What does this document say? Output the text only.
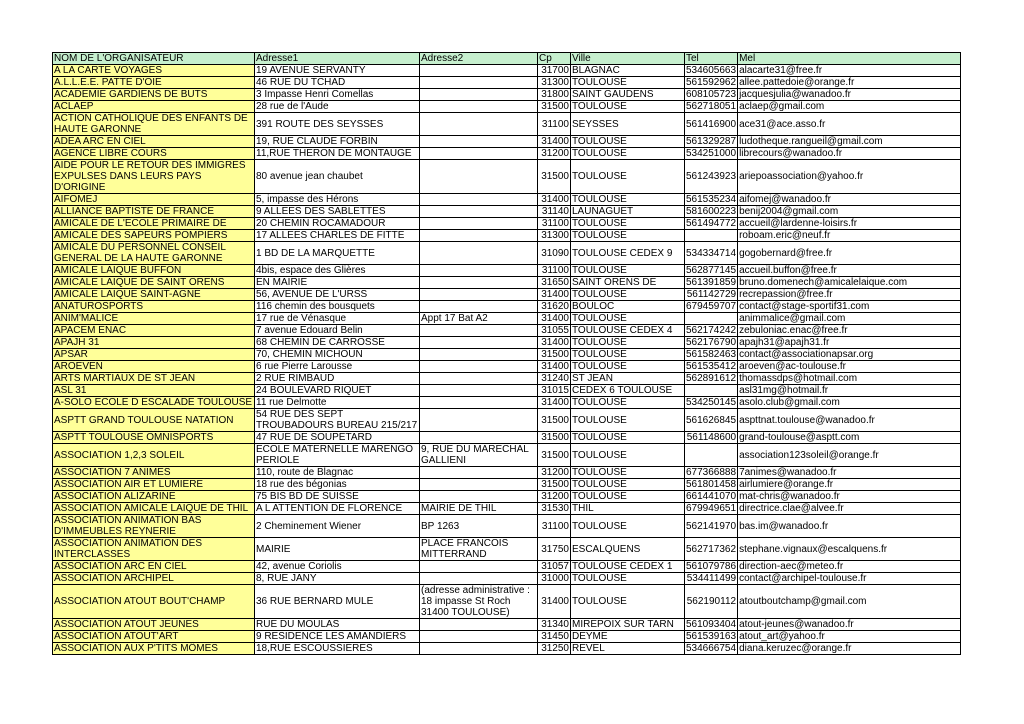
NOM DE L'ORGANISATEUR	Adresse1	Adresse2	Cp	Ville	Tel	Mel
A LA CARTE VOYAGES	19 AVENUE SERVANTY		31700	BLAGNAC	534605663	alacarte31@free.fr
A.L.L.E.E. PATTE D'OIE	46 RUE DU TCHAD		31300	TOULOUSE	561592962	allee.pattedoie@orange.fr
ACADEMIE GARDIENS DE BUTS	3 Impasse Henri Comellas		31800	SAINT GAUDENS	608105723	jacquesjulia@wanadoo.fr
ACLAEP	28 rue de l'Aude		31500	TOULOUSE	562718051	aclaep@gmail.com
ACTION CATHOLIQUE DES ENFANTS DE HAUTE GARONNE	391 ROUTE DES SEYSSES		31100	SEYSSES	561416900	ace31@ace.asso.fr
ADEA ARC EN CIEL	19, RUE CLAUDE FORBIN		31400	TOULOUSE	561329287	ludotheque.rangueil@gmail.com
AGENCE LIBRE COURS	11,RUE THERON DE MONTAUGE		31200	TOULOUSE	534251000	librecours@wanadoo.fr
AIDE POUR LE RETOUR DES IMMIGRES EXPULSES DANS LEURS PAYS D'ORIGINE	80 avenue jean chaubet		31500	TOULOUSE	561243923	ariepoassociation@yahoo.fr
AIFOMEJ	5, impasse des Hérons		31400	TOULOUSE	561535234	aifomej@wanadoo.fr
ALLIANCE BAPTISTE DE FRANCE	9 ALLEES DES SABLETTES		31140	LAUNAGUET	581600223	benij2004@gmail.com
AMICALE DE L'ECOLE PRIMAIRE DE	20 CHEMIN ROCAMADOUR		31100	TOULOUSE	561494772	accueil@lardenne-loisirs.fr
AMICALE DES SAPEURS POMPIERS	17 ALLEES CHARLES DE FITTE		31300	TOULOUSE		roboam.eric@neuf.fr
AMICALE DU PERSONNEL CONSEIL GENERAL DE LA HAUTE GARONNE	1 BD DE LA MARQUETTE		31090	TOULOUSE CEDEX 9	534334714	gogobernard@free.fr
AMICALE LAIQUE BUFFON	4bis, espace des Glières		31100	TOULOUSE	562877145	accueil.buffon@free.fr
AMICALE LAIQUE DE SAINT ORENS	EN MAIRIE		31650	SAINT ORENS DE	561391859	bruno.domenech@amicalelaique.com
AMICALE LAIQUE SAINT-AGNE	56, AVENUE DE L'URSS		31400	TOULOUSE	561142729	recrepassion@free.fr
ANATUROSPORTS	116 chemin des bousquets		31620	BOULOC	679459707	contact@stage-sportif31.com
ANIM'MALICE	17 rue de Vénasque	Appt 17 Bat A2	31400	TOULOUSE		animmalice@gmail.com
APACEM ENAC	7 avenue Edouard Belin		31055	TOULOUSE CEDEX 4	562174242	zebuloniac.enac@free.fr
APAJH 31	68 CHEMIN DE CARROSSE		31400	TOULOUSE	562176790	apajh31@apajh31.fr
APSAR	70, CHEMIN MICHOUN		31500	TOULOUSE	561582463	contact@associationapsar.org
AROEVEN	6 rue Pierre Larousse		31400	TOULOUSE	561535412	aroeven@ac-toulouse.fr
ARTS MARTIAUX DE ST JEAN	2 RUE RIMBAUD		31240	ST JEAN	562891612	thomassdps@hotmail.com
ASL 31	24 BOULEVARD RIQUET		31015	CEDEX 6 TOULOUSE		asl31mg@hotmail.fr
A-SOLO ECOLE D ESCALADE TOULOUSE	11 rue Delmotte		31400	TOULOUSE	534250145	asolo.club@gmail.com
ASPTT GRAND TOULOUSE NATATION	54 RUE DES SEPT TROUBADOURS BUREAU 215/217		31500	TOULOUSE	561626845	aspttnat.toulouse@wanadoo.fr
ASPTT TOULOUSE OMNISPORTS	47 RUE DE SOUPETARD		31500	TOULOUSE	561148600	grand-toulouse@asptt.com
ASSOCIATION 1,2,3 SOLEIL	ECOLE MATERNELLE MARENGO PERIOLE	9, RUE DU MARECHAL GALLIENI	31500	TOULOUSE		association123soleil@orange.fr
ASSOCIATION 7 ANIMES	110, route de Blagnac		31200	TOULOUSE	677366888	7animes@wanadoo.fr
ASSOCIATION AIR ET LUMIERE	18 rue des bégonias		31500	TOULOUSE	561801458	airlumiere@orange.fr
ASSOCIATION ALIZARINE	75 BIS BD DE SUISSE		31200	TOULOUSE	661441070	mat-chris@wanadoo.fr
ASSOCIATION AMICALE LAIQUE DE THIL	A L ATTENTION DE FLORENCE	MAIRIE DE THIL	31530	THIL	679949651	directrice.clae@alvee.fr
ASSOCIATION ANIMATION BAS D'IMMEUBLES REYNERIE	2 Cheminement Wiener	BP 1263	31100	TOULOUSE	562141970	bas.im@wanadoo.fr
ASSOCIATION ANIMATION DES INTERCLASSES	MAIRIE	PLACE FRANCOIS MITTERRAND	31750	ESCALQUENS	562717362	stephane.vignaux@escalquens.fr
ASSOCIATION ARC EN CIEL	42, avenue Coriolis		31057	TOULOUSE CEDEX 1	561079786	direction-aec@meteo.fr
ASSOCIATION ARCHIPEL	8, RUE JANY		31000	TOULOUSE	534411499	contact@archipel-toulouse.fr
ASSOCIATION ATOUT BOUT'CHAMP	36 RUE BERNARD MULE	(adresse administrative : 18 impasse St Roch 31400 TOULOUSE)	31400	TOULOUSE	562190112	atoutboutchamp@gmail.com
ASSOCIATION ATOUT JEUNES	RUE DU MOULAS		31340	MIREPOIX SUR TARN	561093404	atout-jeunes@wanadoo.fr
ASSOCIATION ATOUT'ART	9 RESIDENCE LES AMANDIERS		31450	DEYME	561539163	atout_art@yahoo.fr
ASSOCIATION AUX P'TITS MÔMES	18,RUE ESCOUSSIERES		31250	REVEL	534666754	diana.keruzec@orange.fr
